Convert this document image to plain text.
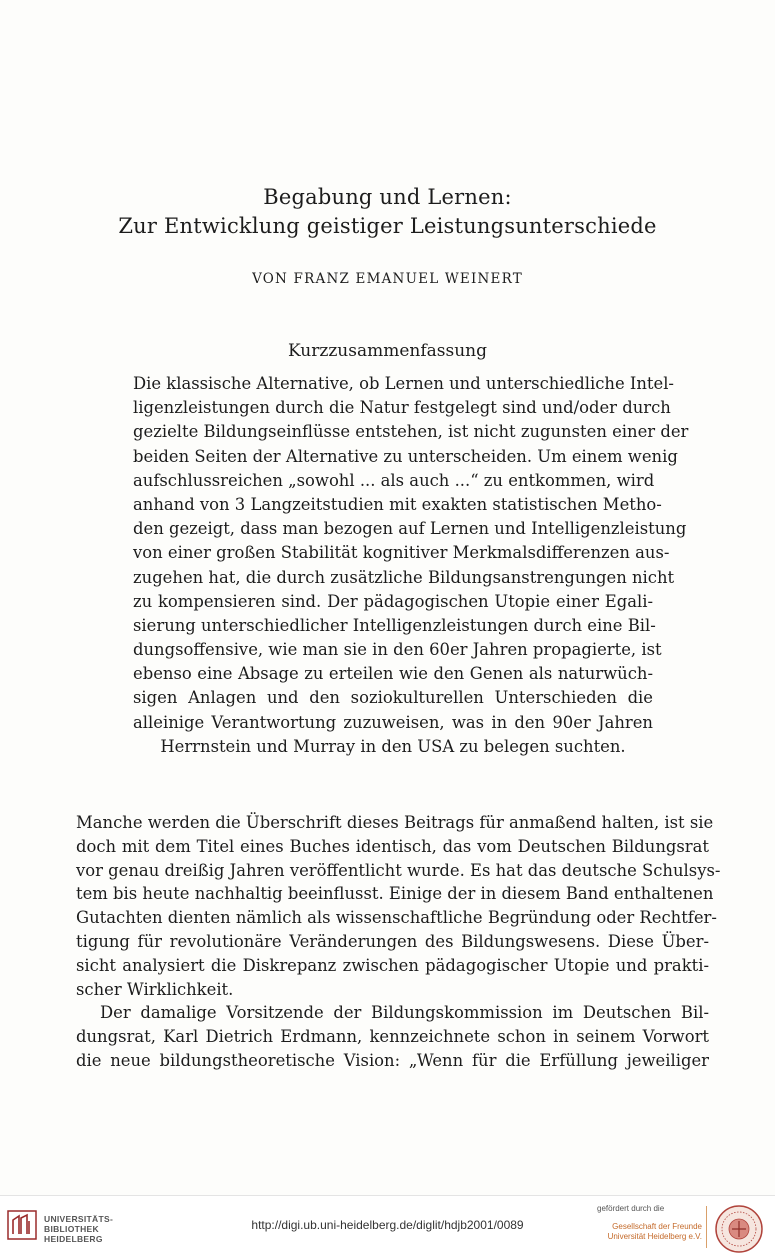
Begabung und Lernen:
Zur Entwicklung geistiger Leistungsunterschiede
VON FRANZ EMANUEL WEINERT
Kurzzusammenfassung
Die klassische Alternative, ob Lernen und unterschiedliche Intel-
ligenzleistungen durch die Natur festgelegt sind und/oder durch
gezielte Bildungseinflüsse entstehen, ist nicht zugunsten einer der
beiden Seiten der Alternative zu unterscheiden. Um einem wenig
aufschlussreichen „sowohl ... als auch ...“ zu entkommen, wird
anhand von 3 Langzeitstudien mit exakten statistischen Metho-
den gezeigt, dass man bezogen auf Lernen und Intelligenzleistung
von einer großen Stabilität kognitiver Merkmalsdifferenzen aus-
zugehen hat, die durch zusätzliche Bildungsanstrengungen nicht
zu kompensieren sind. Der pädagogischen Utopie einer Egali-
sierung unterschiedlicher Intelligenzleistungen durch eine Bil-
dungsoffensive, wie man sie in den 60er Jahren propagierte, ist
ebenso eine Absage zu erteilen wie den Genen als naturwüch-
sigen Anlagen und den soziokulturellen Unterschieden die
alleinige Verantwortung zuzuweisen, was in den 90er Jahren
Herrnstein und Murray in den USA zu belegen suchten.
Manche werden die Überschrift dieses Beitrags für anmaßend halten, ist sie
doch mit dem Titel eines Buches identisch, das vom Deutschen Bildungsrat
vor genau dreißig Jahren veröffentlicht wurde. Es hat das deutsche Schulsys-
tem bis heute nachhaltig beeinflusst. Einige der in diesem Band enthaltenen
Gutachten dienten nämlich als wissenschaftliche Begründung oder Rechtfer-
tigung für revolutionäre Veränderungen des Bildungswesens. Diese Über-
sicht analysiert die Diskrepanz zwischen pädagogischer Utopie und prakti-
scher Wirklichkeit.
Der damalige Vorsitzende der Bildungskommission im Deutschen Bil-
dungsrat, Karl Dietrich Erdmann, kennzeichnete schon in seinem Vorwort
die neue bildungstheoretische Vision: „Wenn für die Erfüllung jeweiliger
UNIVERSITÄTS-
BIBLIOTHEK
HEIDELBERG
http://digi.ub.uni-heidelberg.de/diglit/hdjb2001/0089
gefördert durch die
Gesellschaft der Freunde
Universität Heidelberg e.V.
